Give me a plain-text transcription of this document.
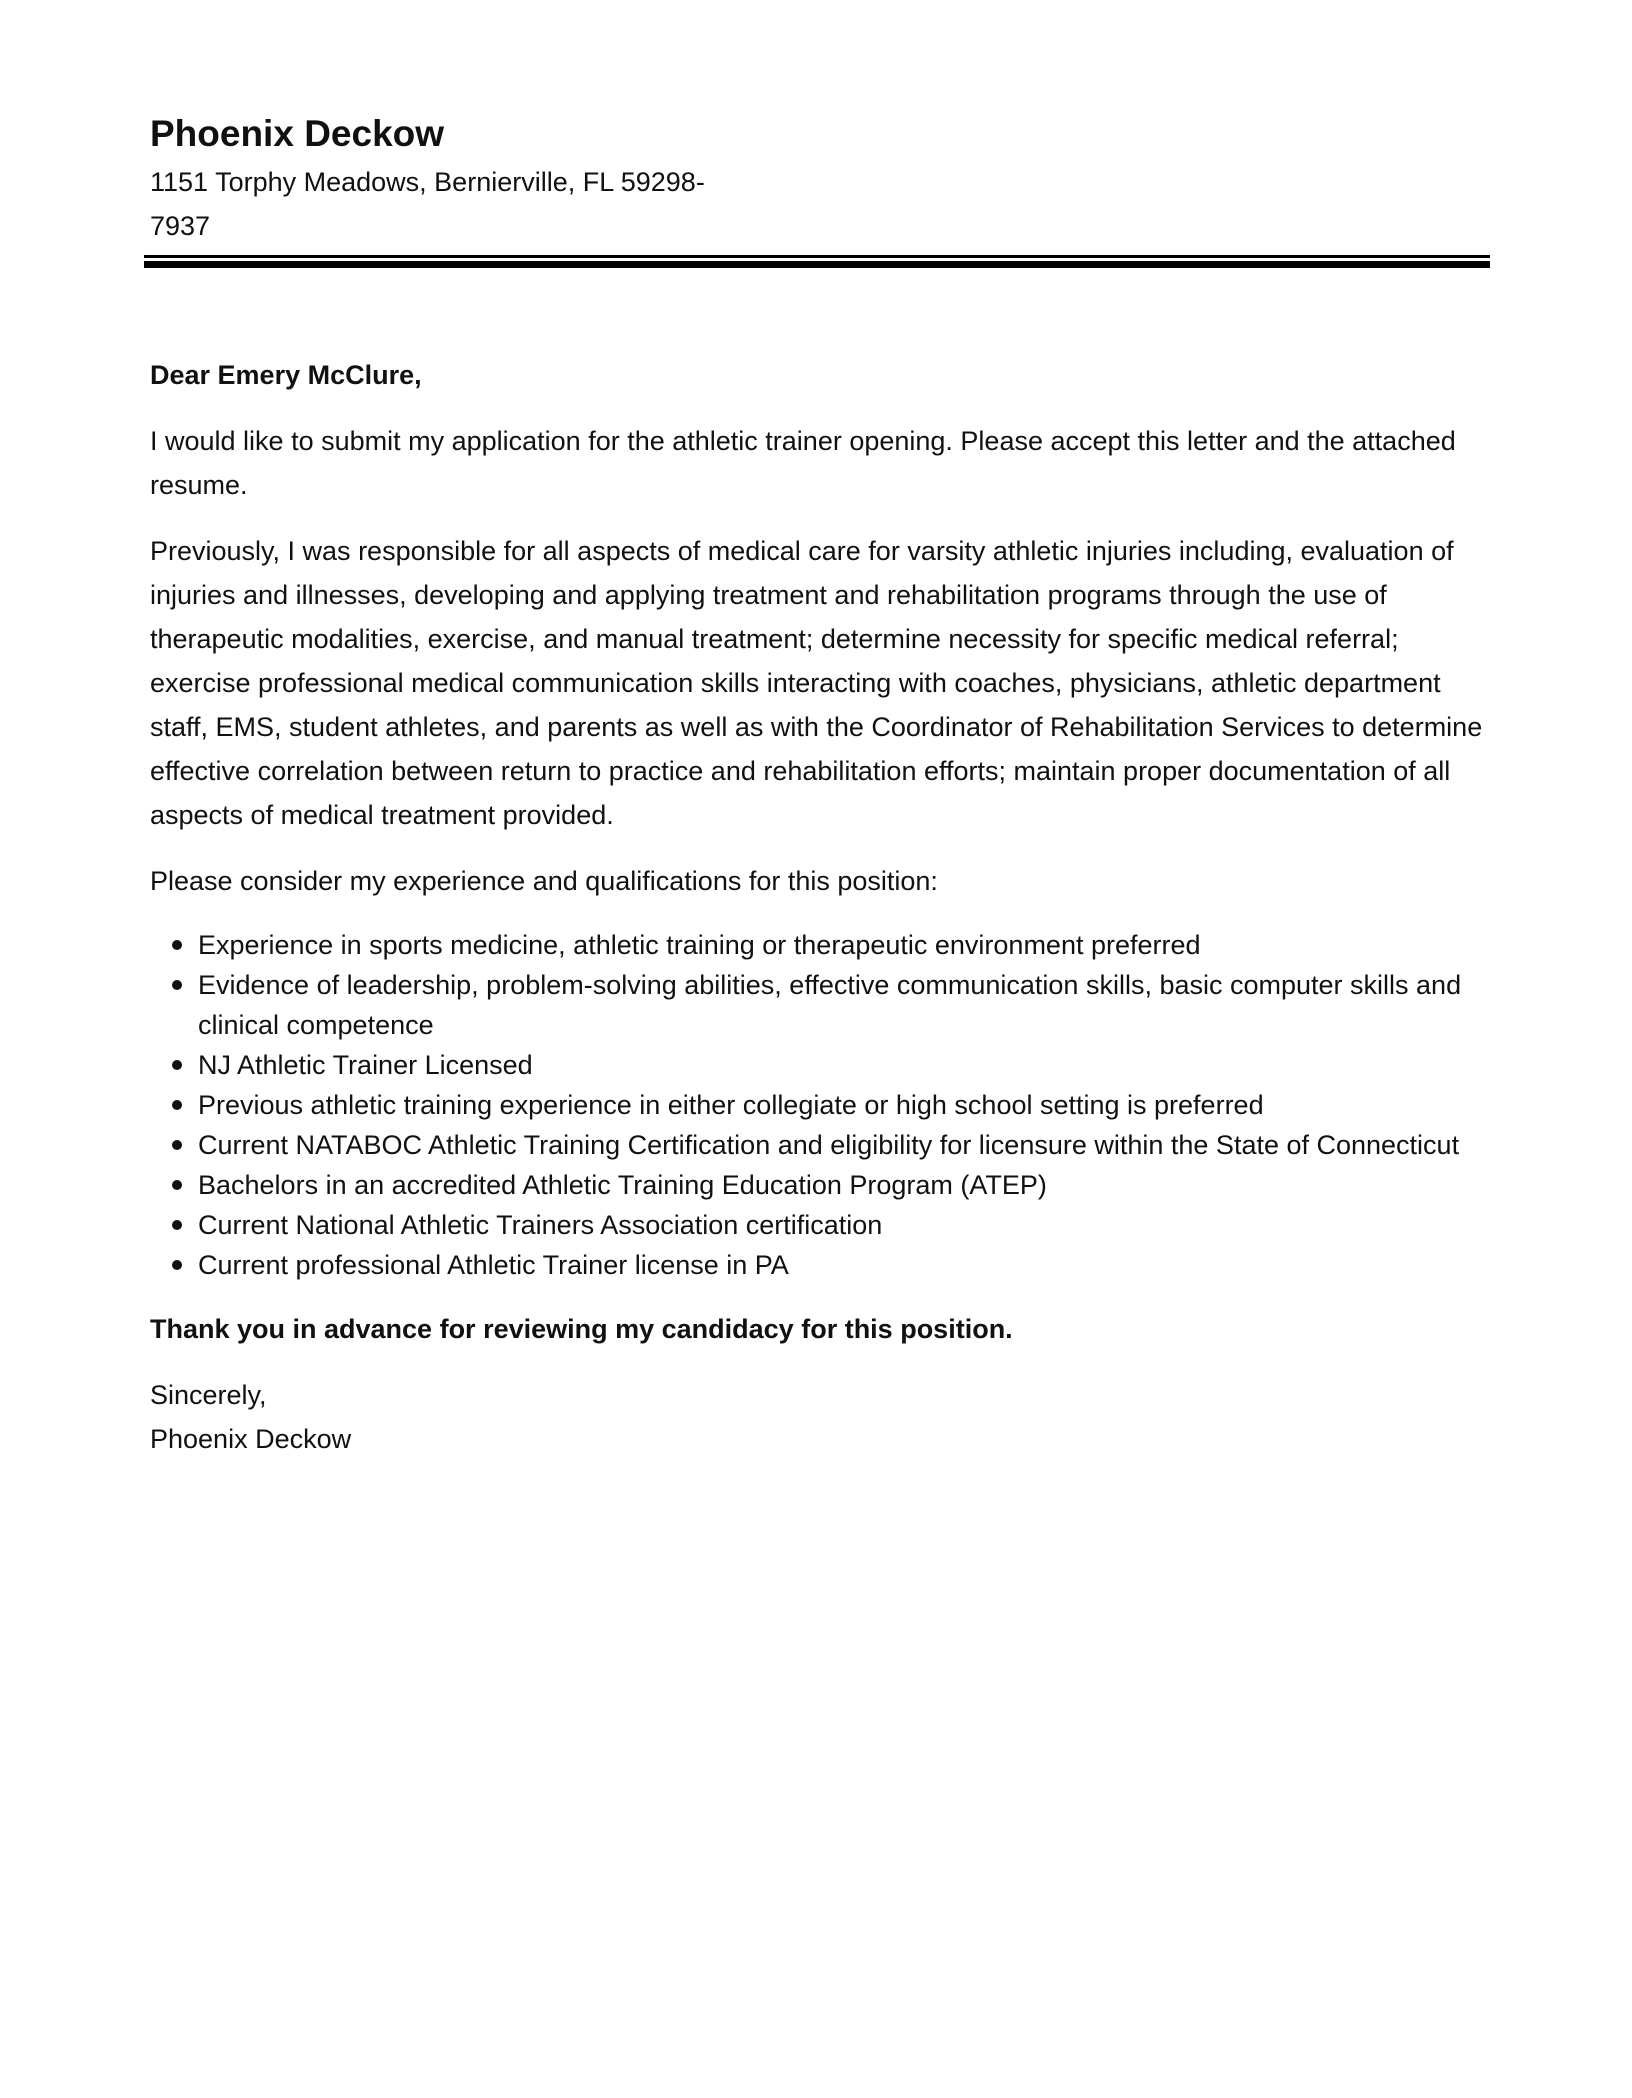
Phoenix Deckow
1151 Torphy Meadows, Bernierville, FL 59298-7937

Dear Emery McClure,

I would like to submit my application for the athletic trainer opening. Please accept this letter and the attached resume.

Previously, I was responsible for all aspects of medical care for varsity athletic injuries including, evaluation of injuries and illnesses, developing and applying treatment and rehabilitation programs through the use of therapeutic modalities, exercise, and manual treatment; determine necessity for specific medical referral; exercise professional medical communication skills interacting with coaches, physicians, athletic department staff, EMS, student athletes, and parents as well as with the Coordinator of Rehabilitation Services to determine effective correlation between return to practice and rehabilitation efforts; maintain proper documentation of all aspects of medical treatment provided.

Please consider my experience and qualifications for this position:

Experience in sports medicine, athletic training or therapeutic environment preferred
Evidence of leadership, problem-solving abilities, effective communication skills, basic computer skills and clinical competence
NJ Athletic Trainer Licensed
Previous athletic training experience in either collegiate or high school setting is preferred
Current NATABOC Athletic Training Certification and eligibility for licensure within the State of Connecticut
Bachelors in an accredited Athletic Training Education Program (ATEP)
Current National Athletic Trainers Association certification
Current professional Athletic Trainer license in PA

Thank you in advance for reviewing my candidacy for this position.

Sincerely,
Phoenix Deckow
